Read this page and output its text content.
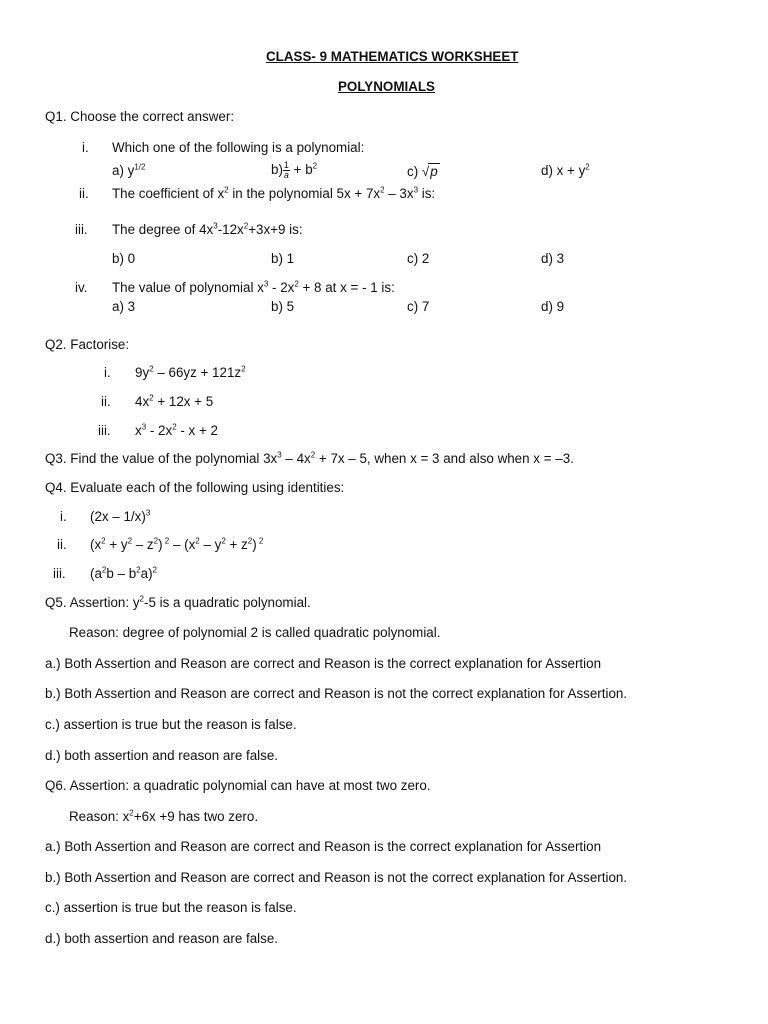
CLASS- 9 MATHEMATICS WORKSHEET
POLYNOMIALS
Q1. Choose the correct answer:
i. Which one of the following is a polynomial:
a) $y^{1/2}$	$b) \frac{1}{a} + b^2$	c) √p	d) $x + y^2$
ii. The coefficient of $x^2$ in the polynomial $5x + 7x^2 - 3x^3$ is:
iii. The degree of $4x^3-12x^2+3x+9$ is:
b) 0	b) 1	c) 2	d) 3
iv. The value of polynomial $x^3 - 2x^2 + 8$ at x = - 1 is:
a) 3	b) 5	c) 7	d) 9
Q2. Factorise:
i. $9y^2 - 66yz + 121z^2$
ii. $4x^2 + 12x + 5$
iii. $x^3 - 2x^2 - x + 2$
Q3. Find the value of the polynomial $3x^3 - 4x^2 + 7x - 5$, when x = 3 and also when x = –3.
Q4. Evaluate each of the following using identities:
i. (2x – 1/x)$^3$
ii. $(x^2 + y^2 - z^2)$ $^2 - (x^2 - y^2 + z^2)$ $^2$
iii. $(a^2b - b^2a)^2$
Q5. Assertion: $y^2-5$ is a quadratic polynomial.
Reason: degree of polynomial 2 is called quadratic polynomial.
a.) Both Assertion and Reason are correct and Reason is the correct explanation for Assertion
b.) Both Assertion and Reason are correct and Reason is not the correct explanation for Assertion.
c.) assertion is true but the reason is false.
d.) both assertion and reason are false.
Q6. Assertion: a quadratic polynomial can have at most two zero.
Reason: $x^2+6x +9$ has two zero.
a.) Both Assertion and Reason are correct and Reason is the correct explanation for Assertion
b.) Both Assertion and Reason are correct and Reason is not the correct explanation for Assertion.
c.) assertion is true but the reason is false.
d.) both assertion and reason are false.
